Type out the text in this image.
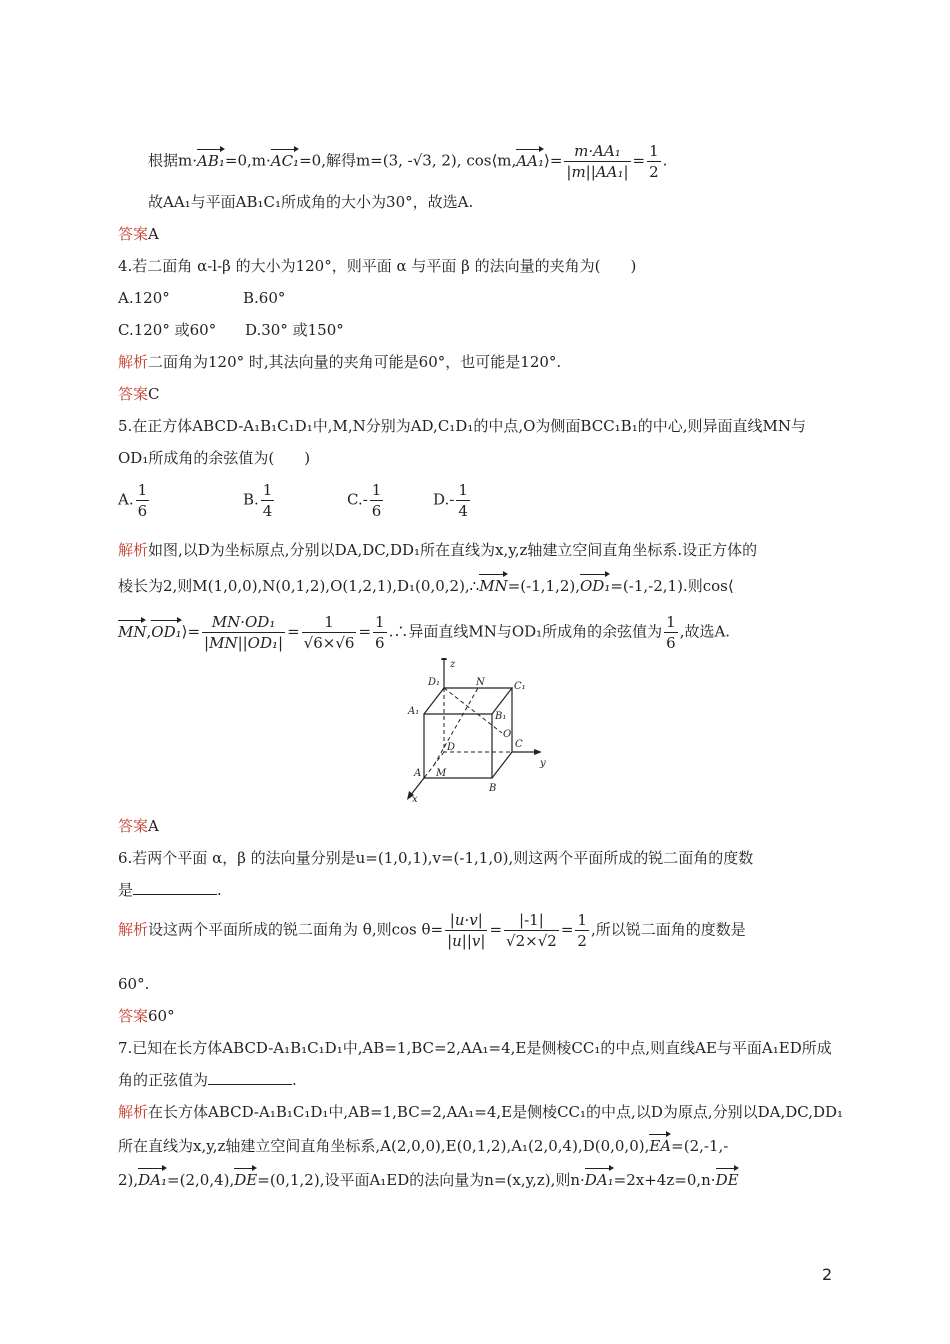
根据m·AB₁=0,m·AC₁=0,解得m=(3, -√3, 2), cos⟨m,AA₁⟩= $\frac{\text{m·AA₁}}{\text{|m||AA₁|}} = \frac{1}{2}$ .
故AA₁与平面AB₁C₁所成角的大小为30°，故选A.
答案A
4.若二面角 α-l-β 的大小为120°，则平面 α 与平面 β 的法向量的夹角为(　　)
A.120°	B.60°
C.120° 或60° D.30° 或150°
解析二面角为120° 时,其法向量的夹角可能是60°，也可能是120°.
答案C
5.在正方体ABCD-A₁B₁C₁D₁中,M,N分别为AD,C₁D₁的中点,O为侧面BCC₁B₁的中心,则异面直线MN与
OD₁所成角的余弦值为(　　)
A. $\frac{1}{6}$	B. $\frac{1}{4}$	$C.- \frac{1}{6}$	$D.- \frac{1}{4}$
解析如图,以D为坐标原点,分别以DA,DC,DD₁所在直线为x,y,z轴建立空间直角坐标系.设正方体的
棱长为2,则M(1,0,0),N(0,1,2),O(1,2,1),D₁(0,0,2),∴MN=(-1,1,2),OD₁=(-1,-2,1).则cos⟨
MN,OD₁⟩= $\frac{\text{MN·OD₁}}{\text{|MN||OD₁|}} = \frac{1}{√6\times√6} = \frac{1}{6}$ .∴异面直线MN与OD₁所成角的余弦值为 $\frac{1}{6}$ ,故选A.
D₁	N	C₁
A₁	B₁
O
D	C
A M
B
y
z
x
答案A
6.若两个平面 α，β 的法向量分别是u=(1,0,1),v=(-1,1,0),则这两个平面所成的锐二面角的度数
是	.
解析设这两个平面所成的锐二面角为 θ,则$\cos \theta= \frac{|u\cdot v|}{|u||v|} = \frac{|-1|}{√2\times√2} = \frac{1}{2}$ ,所以锐二面角的度数是
60°.
答案60°
7.已知在长方体ABCD-A₁B₁C₁D₁中,AB=1,BC=2,AA₁=4,E是侧棱CC₁的中点,则直线AE与平面A₁ED所成
角的正弦值为	.
解析在长方体ABCD-A₁B₁C₁D₁中,AB=1,BC=2,AA₁=4,E是侧棱CC₁的中点,以D为原点,分别以DA,DC,DD₁
所在直线为x,y,z轴建立空间直角坐标系,A(2,0,0),E(0,1,2),A₁(2,0,4),D(0,0,0),EA=(2,-1,-
2),DA₁=(2,0,4),DE=(0,1,2),设平面A₁ED的法向量为n=(x,y,z),则n·DA₁=2x+4z=0,n·DE
2
